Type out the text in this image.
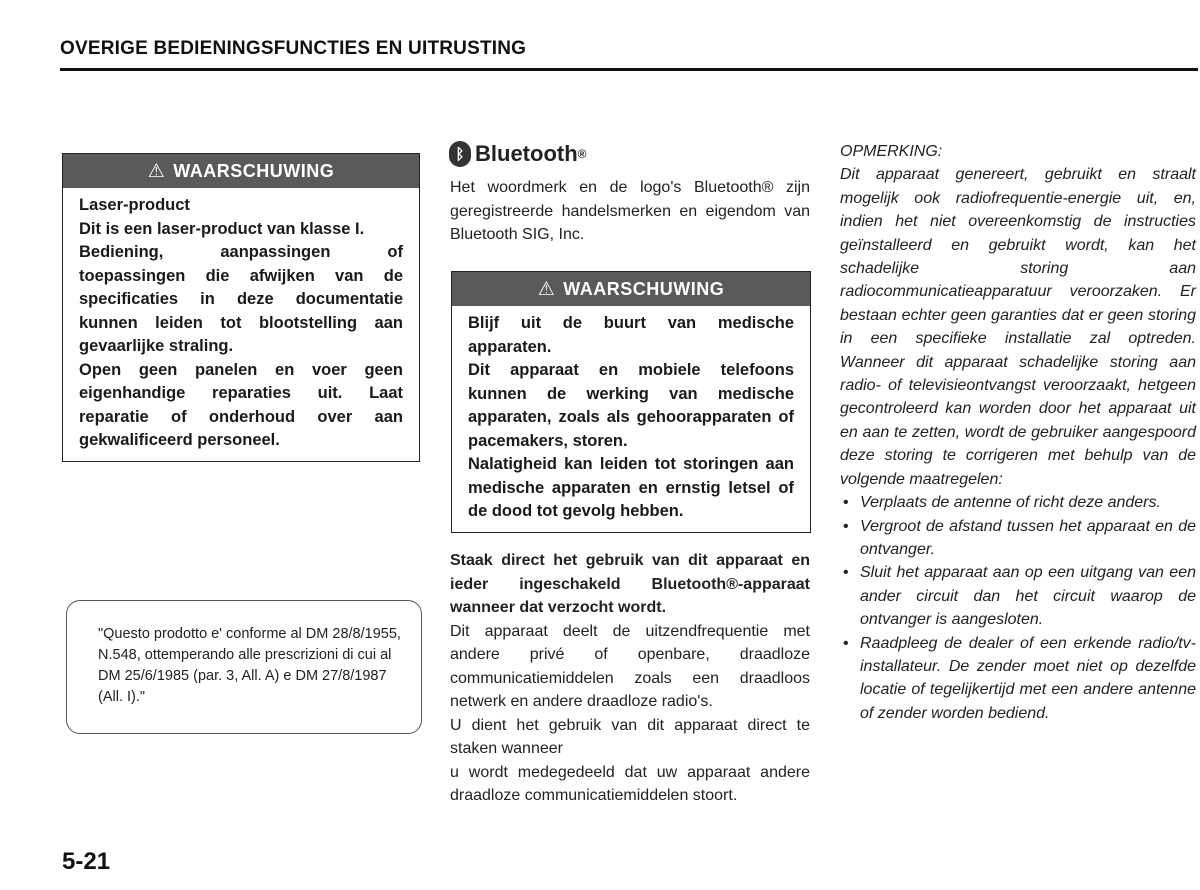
OVERIGE BEDIENINGSFUNCTIES EN UITRUSTING
⚠ WAARSCHUWING

Laser-product

Dit is een laser-product van klasse I.

Bediening, aanpassingen of toepassingen die afwijken van de specificaties in deze documentatie kunnen leiden tot blootstelling aan gevaarlijke straling.

Open geen panelen en voer geen eigenhandige reparaties uit. Laat reparatie of onderhoud over aan gekwalificeerd personeel.

"Questo prodotto e' conforme al DM 28/8/1955, N.548, ottemperando alle prescrizioni di cui al DM 25/6/1985 (par. 3, All. A) e DM 27/8/1987 (All. I)."
ᛒ Bluetooth ®

Het woordmerk en de logo's Bluetooth® zijn geregistreerde handelsmerken en eigendom van Bluetooth SIG, Inc.

⚠ WAARSCHUWING

Blijf uit de buurt van medische apparaten.

Dit apparaat en mobiele telefoons kunnen de werking van medische apparaten, zoals als gehoorapparaten of pacemakers, storen.

Nalatigheid kan leiden tot storingen aan medische apparaten en ernstig letsel of de dood tot gevolg hebben.

Staak direct het gebruik van dit apparaat en ieder ingeschakeld Bluetooth®-apparaat wanneer dat verzocht wordt.

Dit apparaat deelt de uitzendfrequentie met andere privé of openbare, draadloze communicatiemiddelen zoals een draadloos netwerk en andere draadloze radio's.

U dient het gebruik van dit apparaat direct te staken wanneer

u wordt medegedeeld dat uw apparaat andere draadloze communicatiemiddelen stoort.

OPMERKING:

Dit apparaat genereert, gebruikt en straalt mogelijk ook radiofrequentie-energie uit, en, indien het niet overeenkomstig de instructies geïnstalleerd en gebruikt wordt, kan het schadelijke storing aan radiocommunicatieapparatuur veroorzaken. Er bestaan echter geen garanties dat er geen storing in een specifieke installatie zal optreden. Wanneer dit apparaat schadelijke storing aan radio- of televisieontvangst veroorzaakt, hetgeen gecontroleerd kan worden door het apparaat uit en aan te zetten, wordt de gebruiker aangespoord deze storing te corrigeren met behulp van de volgende maatregelen:

• Verplaats de antenne of richt deze anders.
• Vergroot de afstand tussen het apparaat en de ontvanger.
• Sluit het apparaat aan op een uitgang van een ander circuit dan het circuit waarop de ontvanger is aangesloten.
• Raadpleeg de dealer of een erkende radio/tv-installateur. De zender moet niet op dezelfde locatie of tegelijkertijd met een andere antenne of zender worden bediend.
5-21
